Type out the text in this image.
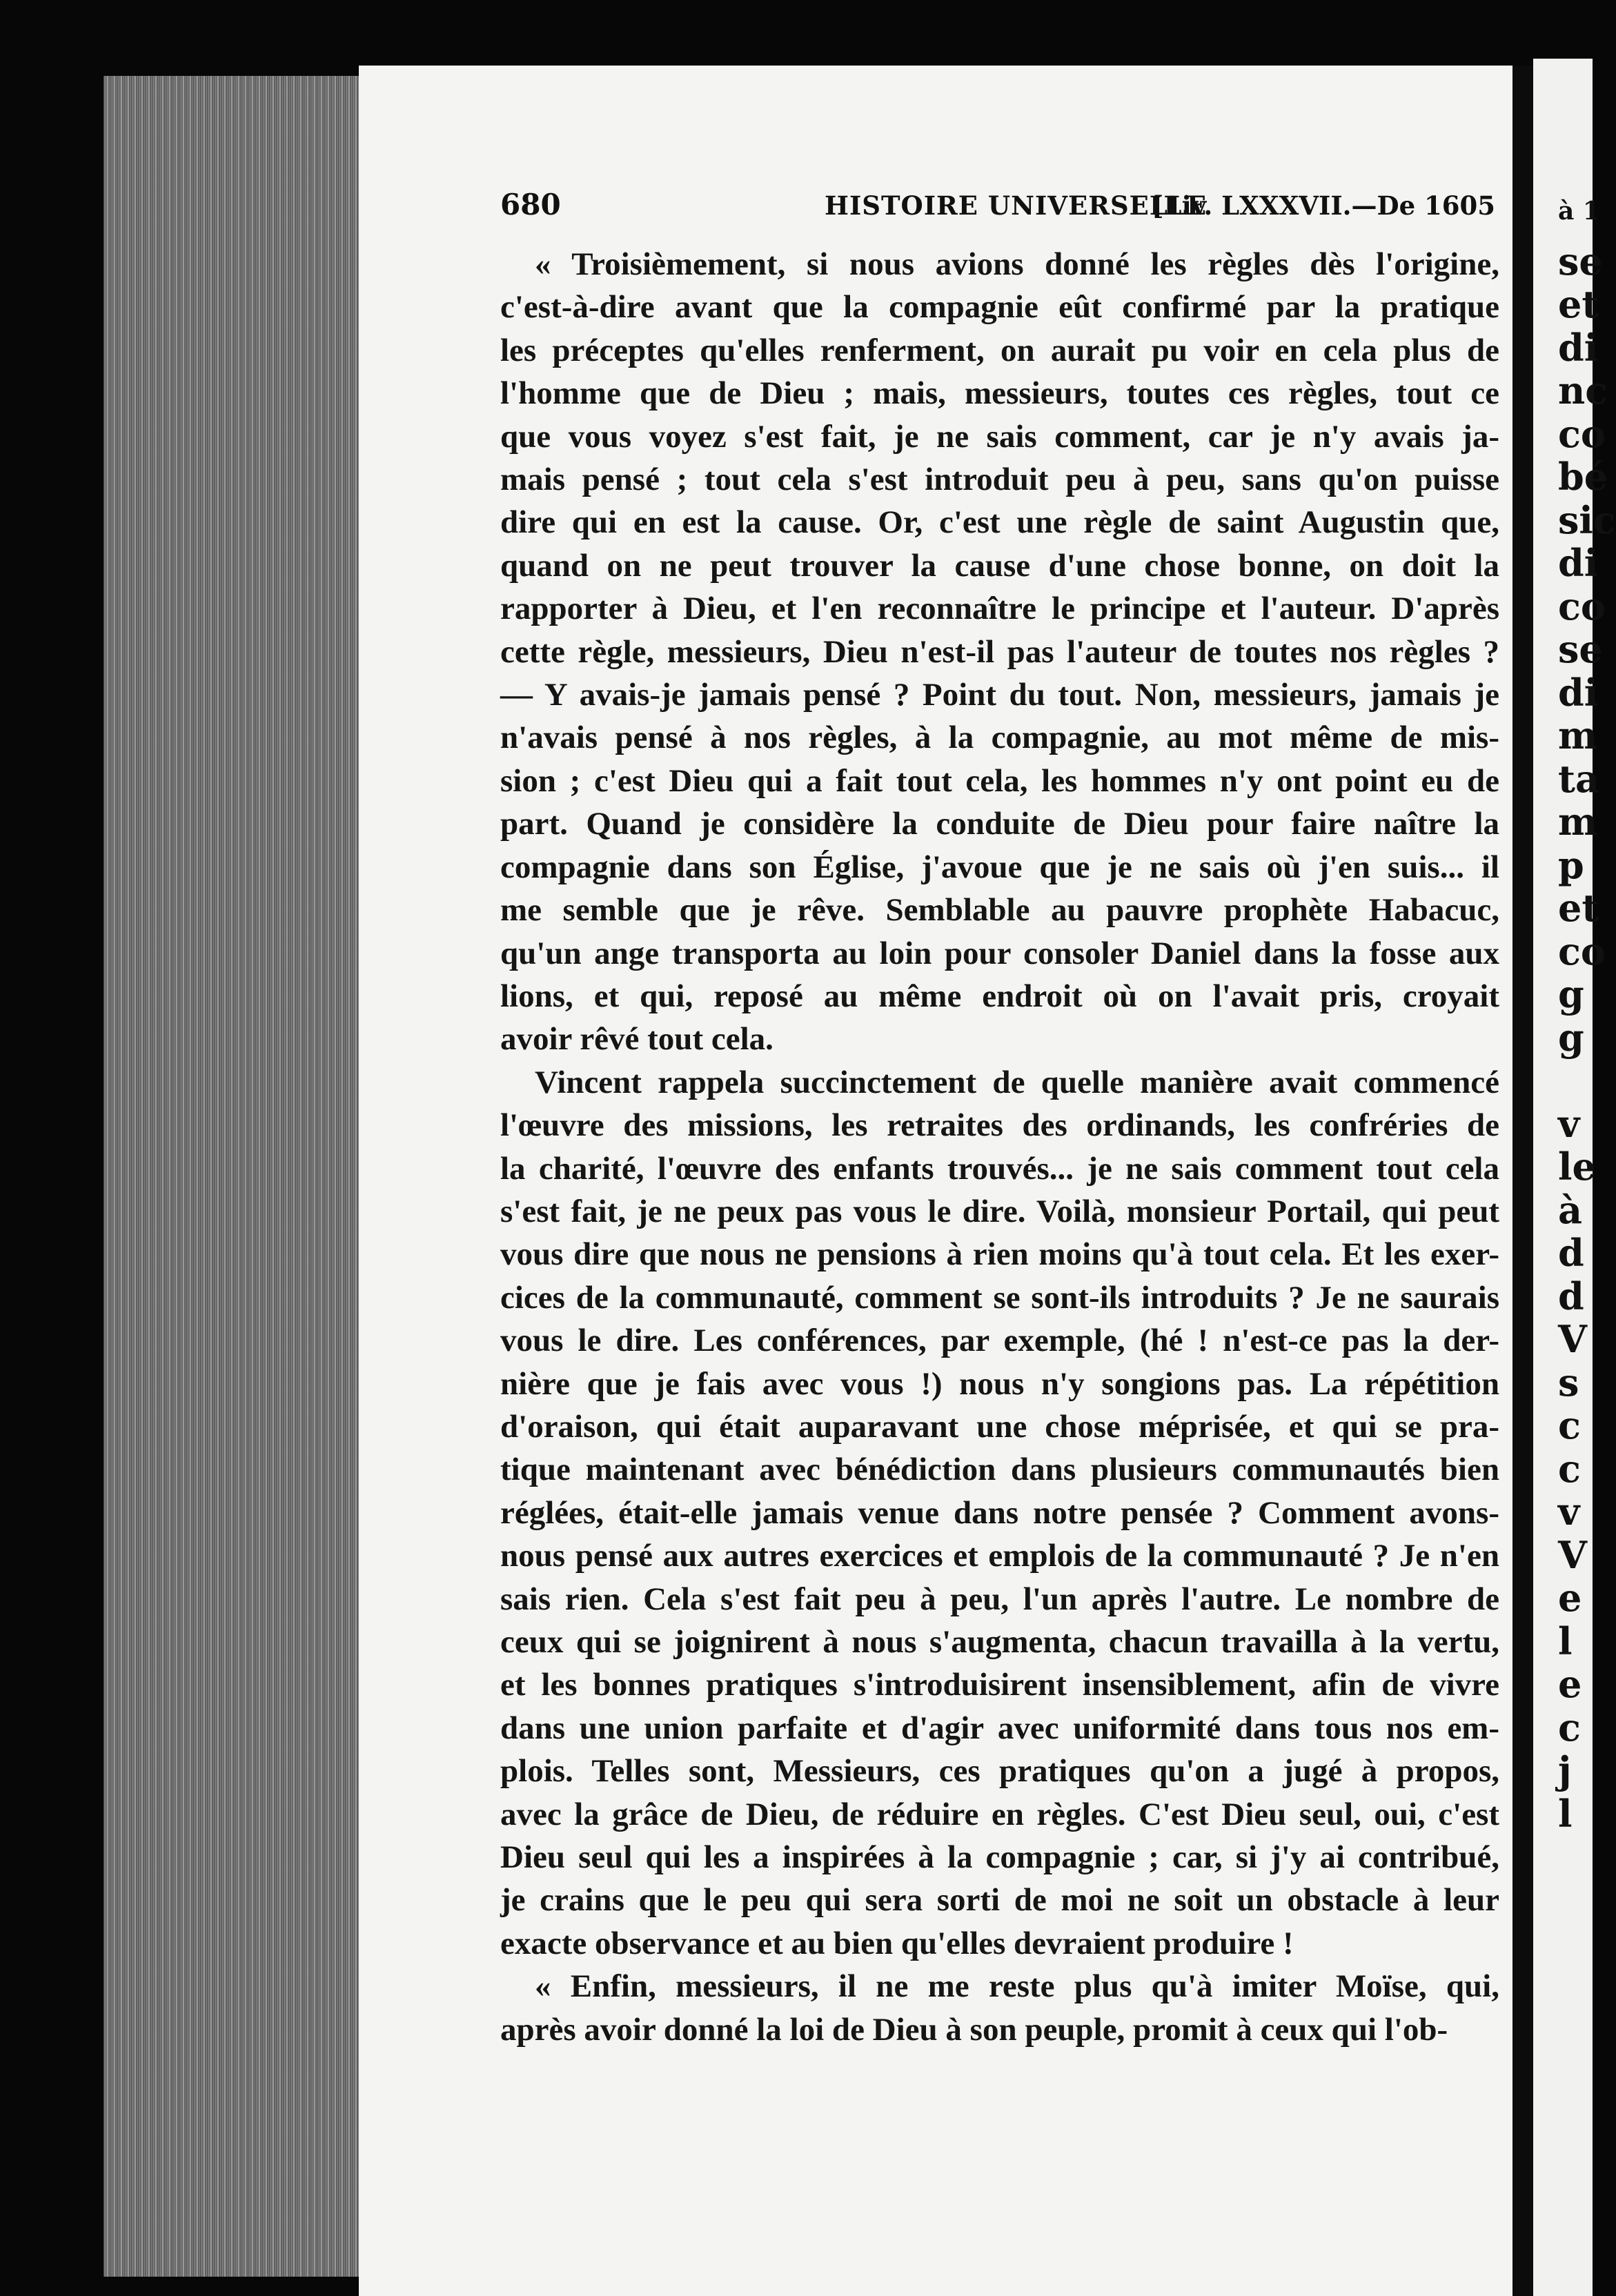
à 1
se
et
di
nc
co
bé
sic
di
co
se
di
m
ta
m
p
et
co
g
g
v
le
à
d
d
V
s
c
c
v
V
e
l
e
c
j
l
680	HISTOIRE UNIVERSELLE
[Liv. LXXXVII.—De 1605
« Troisièmement, si nous avions donné les règles dès l'origine,
c'est-à-dire avant que la compagnie eût confirmé par la pratique
les préceptes qu'elles renferment, on aurait pu voir en cela plus de
l'homme que de Dieu ; mais, messieurs, toutes ces règles, tout ce
que vous voyez s'est fait, je ne sais comment, car je n'y avais ja-
mais pensé ; tout cela s'est introduit peu à peu, sans qu'on puisse
dire qui en est la cause. Or, c'est une règle de saint Augustin que,
quand on ne peut trouver la cause d'une chose bonne, on doit la
rapporter à Dieu, et l'en reconnaître le principe et l'auteur. D'après
cette règle, messieurs, Dieu n'est-il pas l'auteur de toutes nos règles ?
— Y avais-je jamais pensé ? Point du tout. Non, messieurs, jamais je
n'avais pensé à nos règles, à la compagnie, au mot même de mis-
sion ; c'est Dieu qui a fait tout cela, les hommes n'y ont point eu de
part. Quand je considère la conduite de Dieu pour faire naître la
compagnie dans son Église, j'avoue que je ne sais où j'en suis... il
me semble que je rêve. Semblable au pauvre prophète Habacuc,
qu'un ange transporta au loin pour consoler Daniel dans la fosse aux
lions, et qui, reposé au même endroit où on l'avait pris, croyait
avoir rêvé tout cela.
Vincent rappela succinctement de quelle manière avait commencé
l'œuvre des missions, les retraites des ordinands, les confréries de
la charité, l'œuvre des enfants trouvés... je ne sais comment tout cela
s'est fait, je ne peux pas vous le dire. Voilà, monsieur Portail, qui peut
vous dire que nous ne pensions à rien moins qu'à tout cela. Et les exer-
cices de la communauté, comment se sont-ils introduits ? Je ne saurais
vous le dire. Les conférences, par exemple, (hé ! n'est-ce pas la der-
nière que je fais avec vous !) nous n'y songions pas. La répétition
d'oraison, qui était auparavant une chose méprisée, et qui se pra-
tique maintenant avec bénédiction dans plusieurs communautés bien
réglées, était-elle jamais venue dans notre pensée ? Comment avons-
nous pensé aux autres exercices et emplois de la communauté ? Je n'en
sais rien. Cela s'est fait peu à peu, l'un après l'autre. Le nombre de
ceux qui se joignirent à nous s'augmenta, chacun travailla à la vertu,
et les bonnes pratiques s'introduisirent insensiblement, afin de vivre
dans une union parfaite et d'agir avec uniformité dans tous nos em-
plois. Telles sont, Messieurs, ces pratiques qu'on a jugé à propos,
avec la grâce de Dieu, de réduire en règles. C'est Dieu seul, oui, c'est
Dieu seul qui les a inspirées à la compagnie ; car, si j'y ai contribué,
je crains que le peu qui sera sorti de moi ne soit un obstacle à leur
exacte observance et au bien qu'elles devraient produire !
« Enfin, messieurs, il ne me reste plus qu'à imiter Moïse, qui,
après avoir donné la loi de Dieu à son peuple, promit à ceux qui l'ob-
